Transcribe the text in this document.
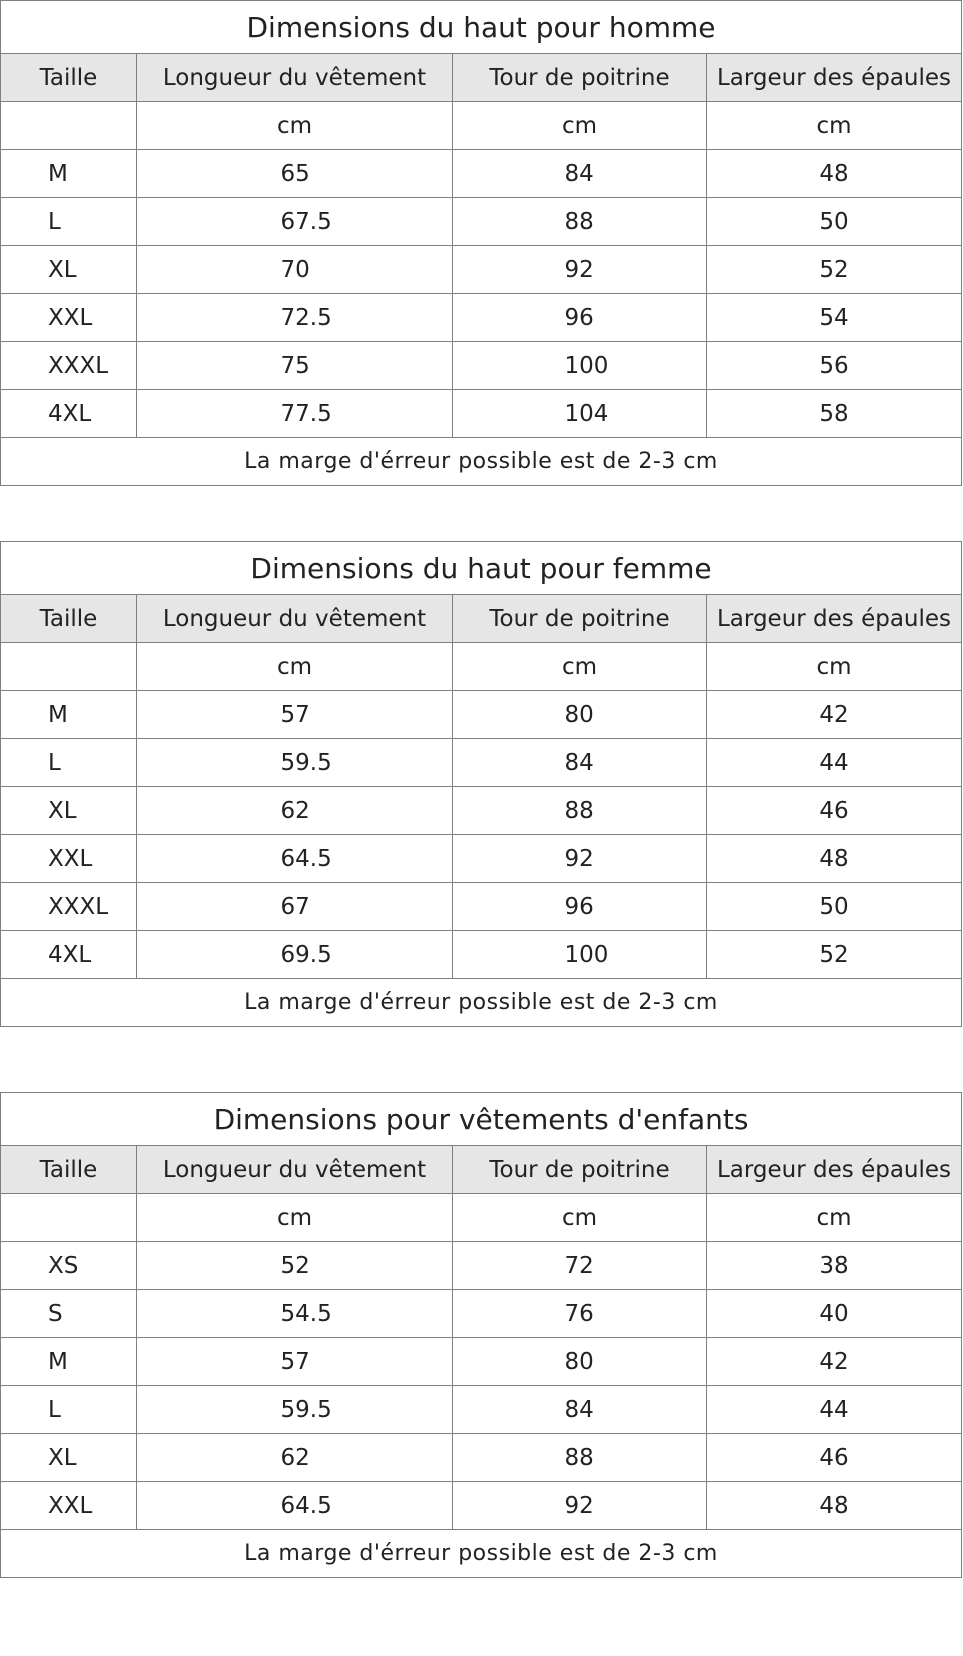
Dimensions du haut pour homme			
Taille	Longueur du vêtement	Tour de poitrine	Largeur des épaules
	cm	cm	cm
M	65	84	48
L	67.5	88	50
XL	70	92	52
XXL	72.5	96	54
XXXL	75	100	56
4XL	77.5	104	58
La marge d'érreur possible est de 2-3 cm			
Dimensions du haut pour femme			
Taille	Longueur du vêtement	Tour de poitrine	Largeur des épaules
	cm	cm	cm
M	57	80	42
L	59.5	84	44
XL	62	88	46
XXL	64.5	92	48
XXXL	67	96	50
4XL	69.5	100	52
La marge d'érreur possible est de 2-3 cm			
Dimensions pour vêtements d'enfants			
Taille	Longueur du vêtement	Tour de poitrine	Largeur des épaules
	cm	cm	cm
XS	52	72	38
S	54.5	76	40
M	57	80	42
L	59.5	84	44
XL	62	88	46
XXL	64.5	92	48
La marge d'érreur possible est de 2-3 cm			
